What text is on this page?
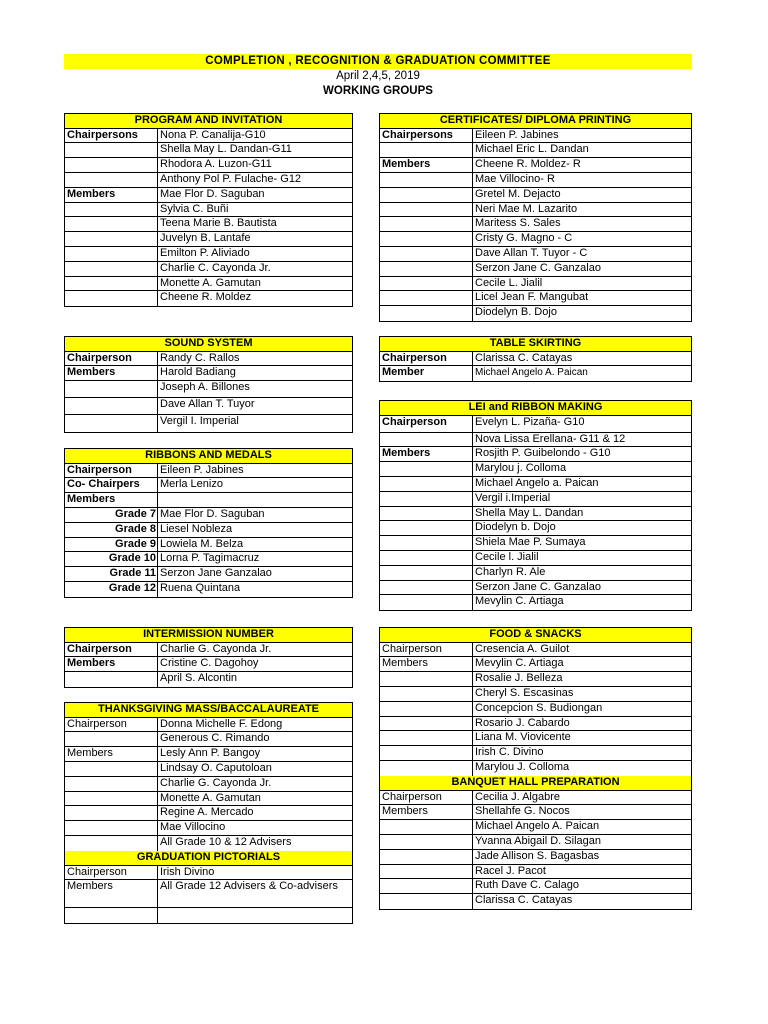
COMPLETION , RECOGNITION & GRADUATION COMMITTEE
April 2,4,5, 2019
WORKING GROUPS
PROGRAM AND INVITATION
Chairpersons	Nona P. Canalija-G10
Shella May L. Dandan-G11
Rhodora A. Luzon-G11
Anthony Pol P. Fulache- G12
Members	Mae Flor D. Saguban
Sylvia C. Buñi
Teena Marie B. Bautista
Juvelyn B. Lantafe
Emilton P. Aliviado
Charlie C. Cayonda Jr.
Monette A. Gamutan
Cheene R. Moldez
SOUND SYSTEM
Chairperson	Randy C. Rallos
Members	Harold Badiang
Joseph A. Billones
Dave Allan T. Tuyor
Vergil I. Imperial
RIBBONS AND MEDALS
Chairperson	Eileen P. Jabines
Co- Chairpers	Merla Lenizo
Members
Grade 7 Mae Flor D. Saguban
Grade 8 Liesel Nobleza
Grade 9 Lowiela M. Belza
Grade 10 Lorna P. Tagimacruz
Grade 11 Serzon Jane Ganzalao
Grade 12 Ruena Quintana
INTERMISSION NUMBER
Chairperson	Charlie G. Cayonda Jr.
Members	Cristine C. Dagohoy
April S. Alcontin
THANKSGIVING MASS/BACCALAUREATE
Chairperson	Donna Michelle F. Edong
Generous C. Rimando
Members	Lesly Ann P. Bangoy
Lindsay O. Caputoloan
Charlie G. Cayonda Jr.
Monette A. Gamutan
Regine A. Mercado
Mae Villocino
All Grade 10 & 12 Advisers
GRADUATION PICTORIALS
Chairperson	Irish Divino
Members	All Grade 12 Advisers & Co-advisers
CERTIFICATES/ DIPLOMA PRINTING
Chairpersons	Eileen P. Jabines
Michael Eric L. Dandan
Members	Cheene R. Moldez- R
Mae Villocino- R
Gretel M. Dejacto
Neri Mae M. Lazarito
Maritess S. Sales
Cristy G. Magno - C
Dave Allan T. Tuyor - C
Serzon Jane C. Ganzalao
Cecile L. Jialil
Licel Jean F. Mangubat
Diodelyn B. Dojo
TABLE SKIRTING
Chairperson	Clarissa C. Catayas
Member	Michael Angelo A. Paican
LEI and RIBBON MAKING
Chairperson	Evelyn L. Pizaña- G10
Nova Lissa Erellana- G11 & 12
Members	Rosjith P. Guibelondo - G10
Marylou j. Colloma
Michael Angelo a. Paican
Vergil i.Imperial
Shella May L. Dandan
Diodelyn b. Dojo
Shiela Mae P. Sumaya
Cecile l. Jialil
Charlyn R. Ale
Serzon Jane C. Ganzalao
Mevylin C. Artiaga
FOOD & SNACKS
Chairperson	Cresencia A. Guilot
Members	Mevylin C. Artiaga
Rosalie J. Belleza
Cheryl S. Escasinas
Concepcion S. Budiongan
Rosario J. Cabardo
Liana M. Viovicente
Irish C. Divino
Marylou J. Colloma
BANQUET HALL PREPARATION
Chairperson	Cecilia J. Algabre
Members	Shellahfe G. Nocos
Michael Angelo A. Paican
Yvanna Abigail D. Silagan
Jade Allison S. Bagasbas
Racel J. Pacot
Ruth Dave C. Calago
Clarissa C. Catayas
